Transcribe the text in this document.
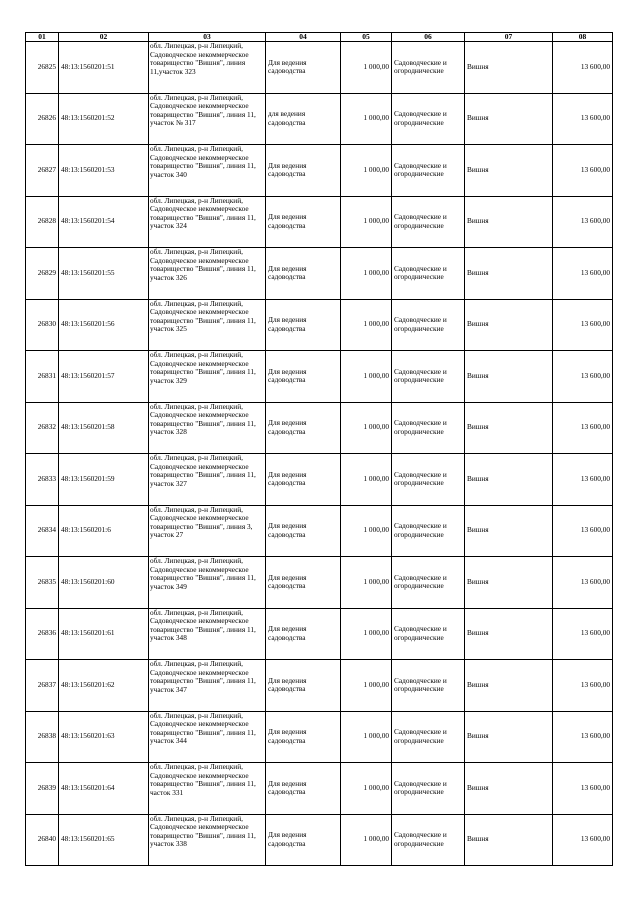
01	02	03	04	05	06	07	08
26825	48:13:1560201:51	обл. Липецкая, р-н Липецкий, Садоводческое некоммерческое товарищество "Вишня", линия 11,участок 323	Для ведения садоводства	1 000,00	Садоводческие и огороднические	Вишня	13 600,00
26826	48:13:1560201:52	обл. Липецкая, р-н Липецкий, Садоводческое некоммерческое товарищество "Вишня", линия 11, участок № 317	для ведения садоводства	1 000,00	Садоводческие и огороднические	Вишня	13 600,00
26827	48:13:1560201:53	обл. Липецкая, р-н Липецкий, Садоводческое некоммерческое товарищество "Вишня", линия 11, участок 340	Для ведения садоводства	1 000,00	Садоводческие и огороднические	Вишня	13 600,00
26828	48:13:1560201:54	обл. Липецкая, р-н Липецкий, Садоводческое некоммерческое товарищество "Вишня", линия 11, участок 324	Для ведения садоводства	1 000,00	Садоводческие и огороднические	Вишня	13 600,00
26829	48:13:1560201:55	обл. Липецкая, р-н Липецкий, Садоводческое некоммерческое товарищество "Вишня", линия 11, участок 326	Для ведения садоводства	1 000,00	Садоводческие и огороднические	Вишня	13 600,00
26830	48:13:1560201:56	обл. Липецкая, р-н Липецкий, Садоводческое некоммерческое товарищество "Вишня", линия 11, участок 325	Для ведения садоводства	1 000,00	Садоводческие и огороднические	Вишня	13 600,00
26831	48:13:1560201:57	обл. Липецкая, р-н Липецкий, Садоводческое некоммерческое товарищество "Вишня", линия 11, участок 329	Для ведения садоводства	1 000,00	Садоводческие и огороднические	Вишня	13 600,00
26832	48:13:1560201:58	обл. Липецкая, р-н Липецкий, Садоводческое некоммерческое товарищество "Вишня", линия 11, участок 328	Для ведения садоводства	1 000,00	Садоводческие и огороднические	Вишня	13 600,00
26833	48:13:1560201:59	обл. Липецкая, р-н Липецкий, Садоводческое некоммерческое товарищество "Вишня", линия 11, участок 327	Для ведения садоводства	1 000,00	Садоводческие и огороднические	Вишня	13 600,00
26834	48:13:1560201:6	обл. Липецкая, р-н Липецкий, Садоводческое некоммерческое товарищество "Вишня", линия 3, участок 27	Для ведения садоводства	1 000,00	Садоводческие и огороднические	Вишня	13 600,00
26835	48:13:1560201:60	обл. Липецкая, р-н Липецкий, Садоводческое некоммерческое товарищество "Вишня", линия 11, участок 349	Для ведения садоводства	1 000,00	Садоводческие и огороднические	Вишня	13 600,00
26836	48:13:1560201:61	обл. Липецкая, р-н Липецкий, Садоводческое некоммерческое товарищество "Вишня", линия 11, участок 348	Для ведения садоводства	1 000,00	Садоводческие и огороднические	Вишня	13 600,00
26837	48:13:1560201:62	обл. Липецкая, р-н Липецкий, Садоводческое некоммерческое товарищество "Вишня", линия 11, участок 347	Для ведения садоводства	1 000,00	Садоводческие и огороднические	Вишня	13 600,00
26838	48:13:1560201:63	обл. Липецкая, р-н Липецкий, Садоводческое некоммерческое товарищество "Вишня", линия 11, участок 344	Для ведения садоводства	1 000,00	Садоводческие и огороднические	Вишня	13 600,00
26839	48:13:1560201:64	обл. Липецкая, р-н Липецкий, Садоводческое некоммерческое товарищество "Вишня", линия 11, часток 331	Для ведения садоводства	1 000,00	Садоводческие и огороднические	Вишня	13 600,00
26840	48:13:1560201:65	обл. Липецкая, р-н Липецкий, Садоводческое некоммерческое товарищество "Вишня", линия 11, участок 338	Для ведения садоводства	1 000,00	Садоводческие и огороднические	Вишня	13 600,00
